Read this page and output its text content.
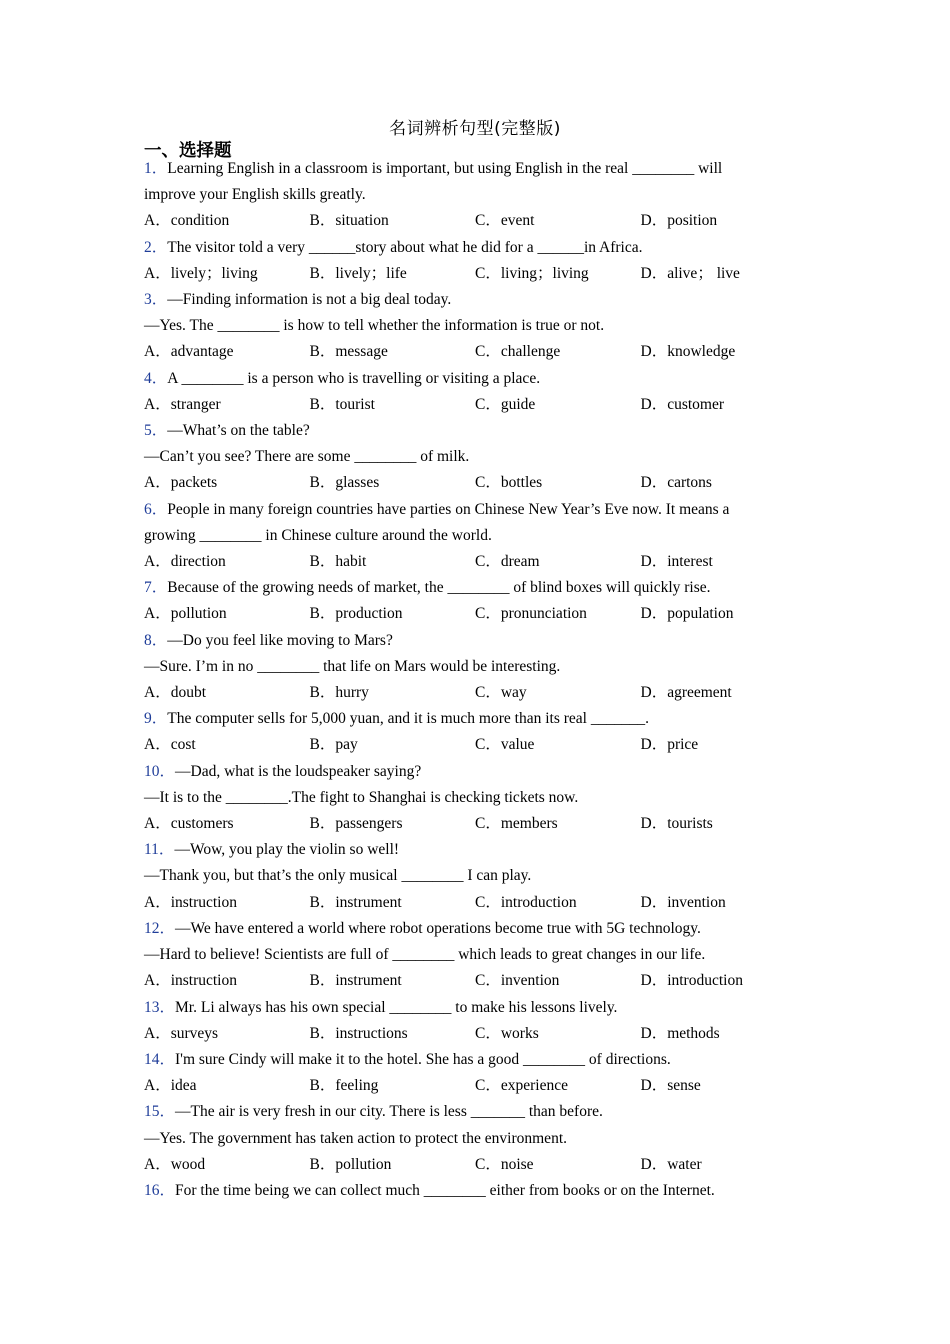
名词辨析句型(完整版)
一、选择题
1．Learning English in a classroom is important, but using English in the real ________ will
improve your English skills greatly.
A．condition	B．situation	C．event	D．position
2．The visitor told a very ______story about what he did for a ______in Africa.
A．lively；living	B．lively；life	C．living；living	D．alive； live
3．—Finding information is not a big deal today.
—Yes. The ________ is how to tell whether the information is true or not.
A．advantage	B．message	C．challenge	D．knowledge
4．A ________ is a person who is travelling or visiting a place.
A．stranger	B．tourist	C．guide	D．customer
5．—What’s on the table?
—Can’t you see? There are some ________ of milk.
A．packets	B．glasses	C．bottles	D．cartons
6．People in many foreign countries have parties on Chinese New Year’s Eve now. It means a
growing ________ in Chinese culture around the world.
A．direction	B．habit	C．dream	D．interest
7．Because of the growing needs of market, the ________ of blind boxes will quickly rise.
A．pollution	B．production	C．pronunciation	D．population
8．—Do you feel like moving to Mars?
—Sure. I’m in no ________ that life on Mars would be interesting.
A．doubt	B．hurry	C．way	D．agreement
9．The computer sells for 5,000 yuan, and it is much more than its real _______.
A．cost	B．pay	C．value	D．price
10．—Dad, what is the loudspeaker saying?
—It is to the ________.The fight to Shanghai is checking tickets now.
A．customers	B．passengers	C．members	D．tourists
11．—Wow, you play the violin so well!
—Thank you, but that’s the only musical ________ I can play.
A．instruction	B．instrument	C．introduction	D．invention
12．—We have entered a world where robot operations become true with 5G technology.
—Hard to believe! Scientists are full of ________ which leads to great changes in our life.
A．instruction	B．instrument	C．invention	D．introduction
13．Mr. Li always has his own special ________ to make his lessons lively.
A．surveys	B．instructions	C．works	D．methods
14．I'm sure Cindy will make it to the hotel. She has a good ________ of directions.
A．idea	B．feeling	C．experience	D．sense
15．—The air is very fresh in our city. There is less _______ than before.
—Yes. The government has taken action to protect the environment.
A．wood	B．pollution	C．noise	D．water
16．For the time being we can collect much ________ either from books or on the Internet.
